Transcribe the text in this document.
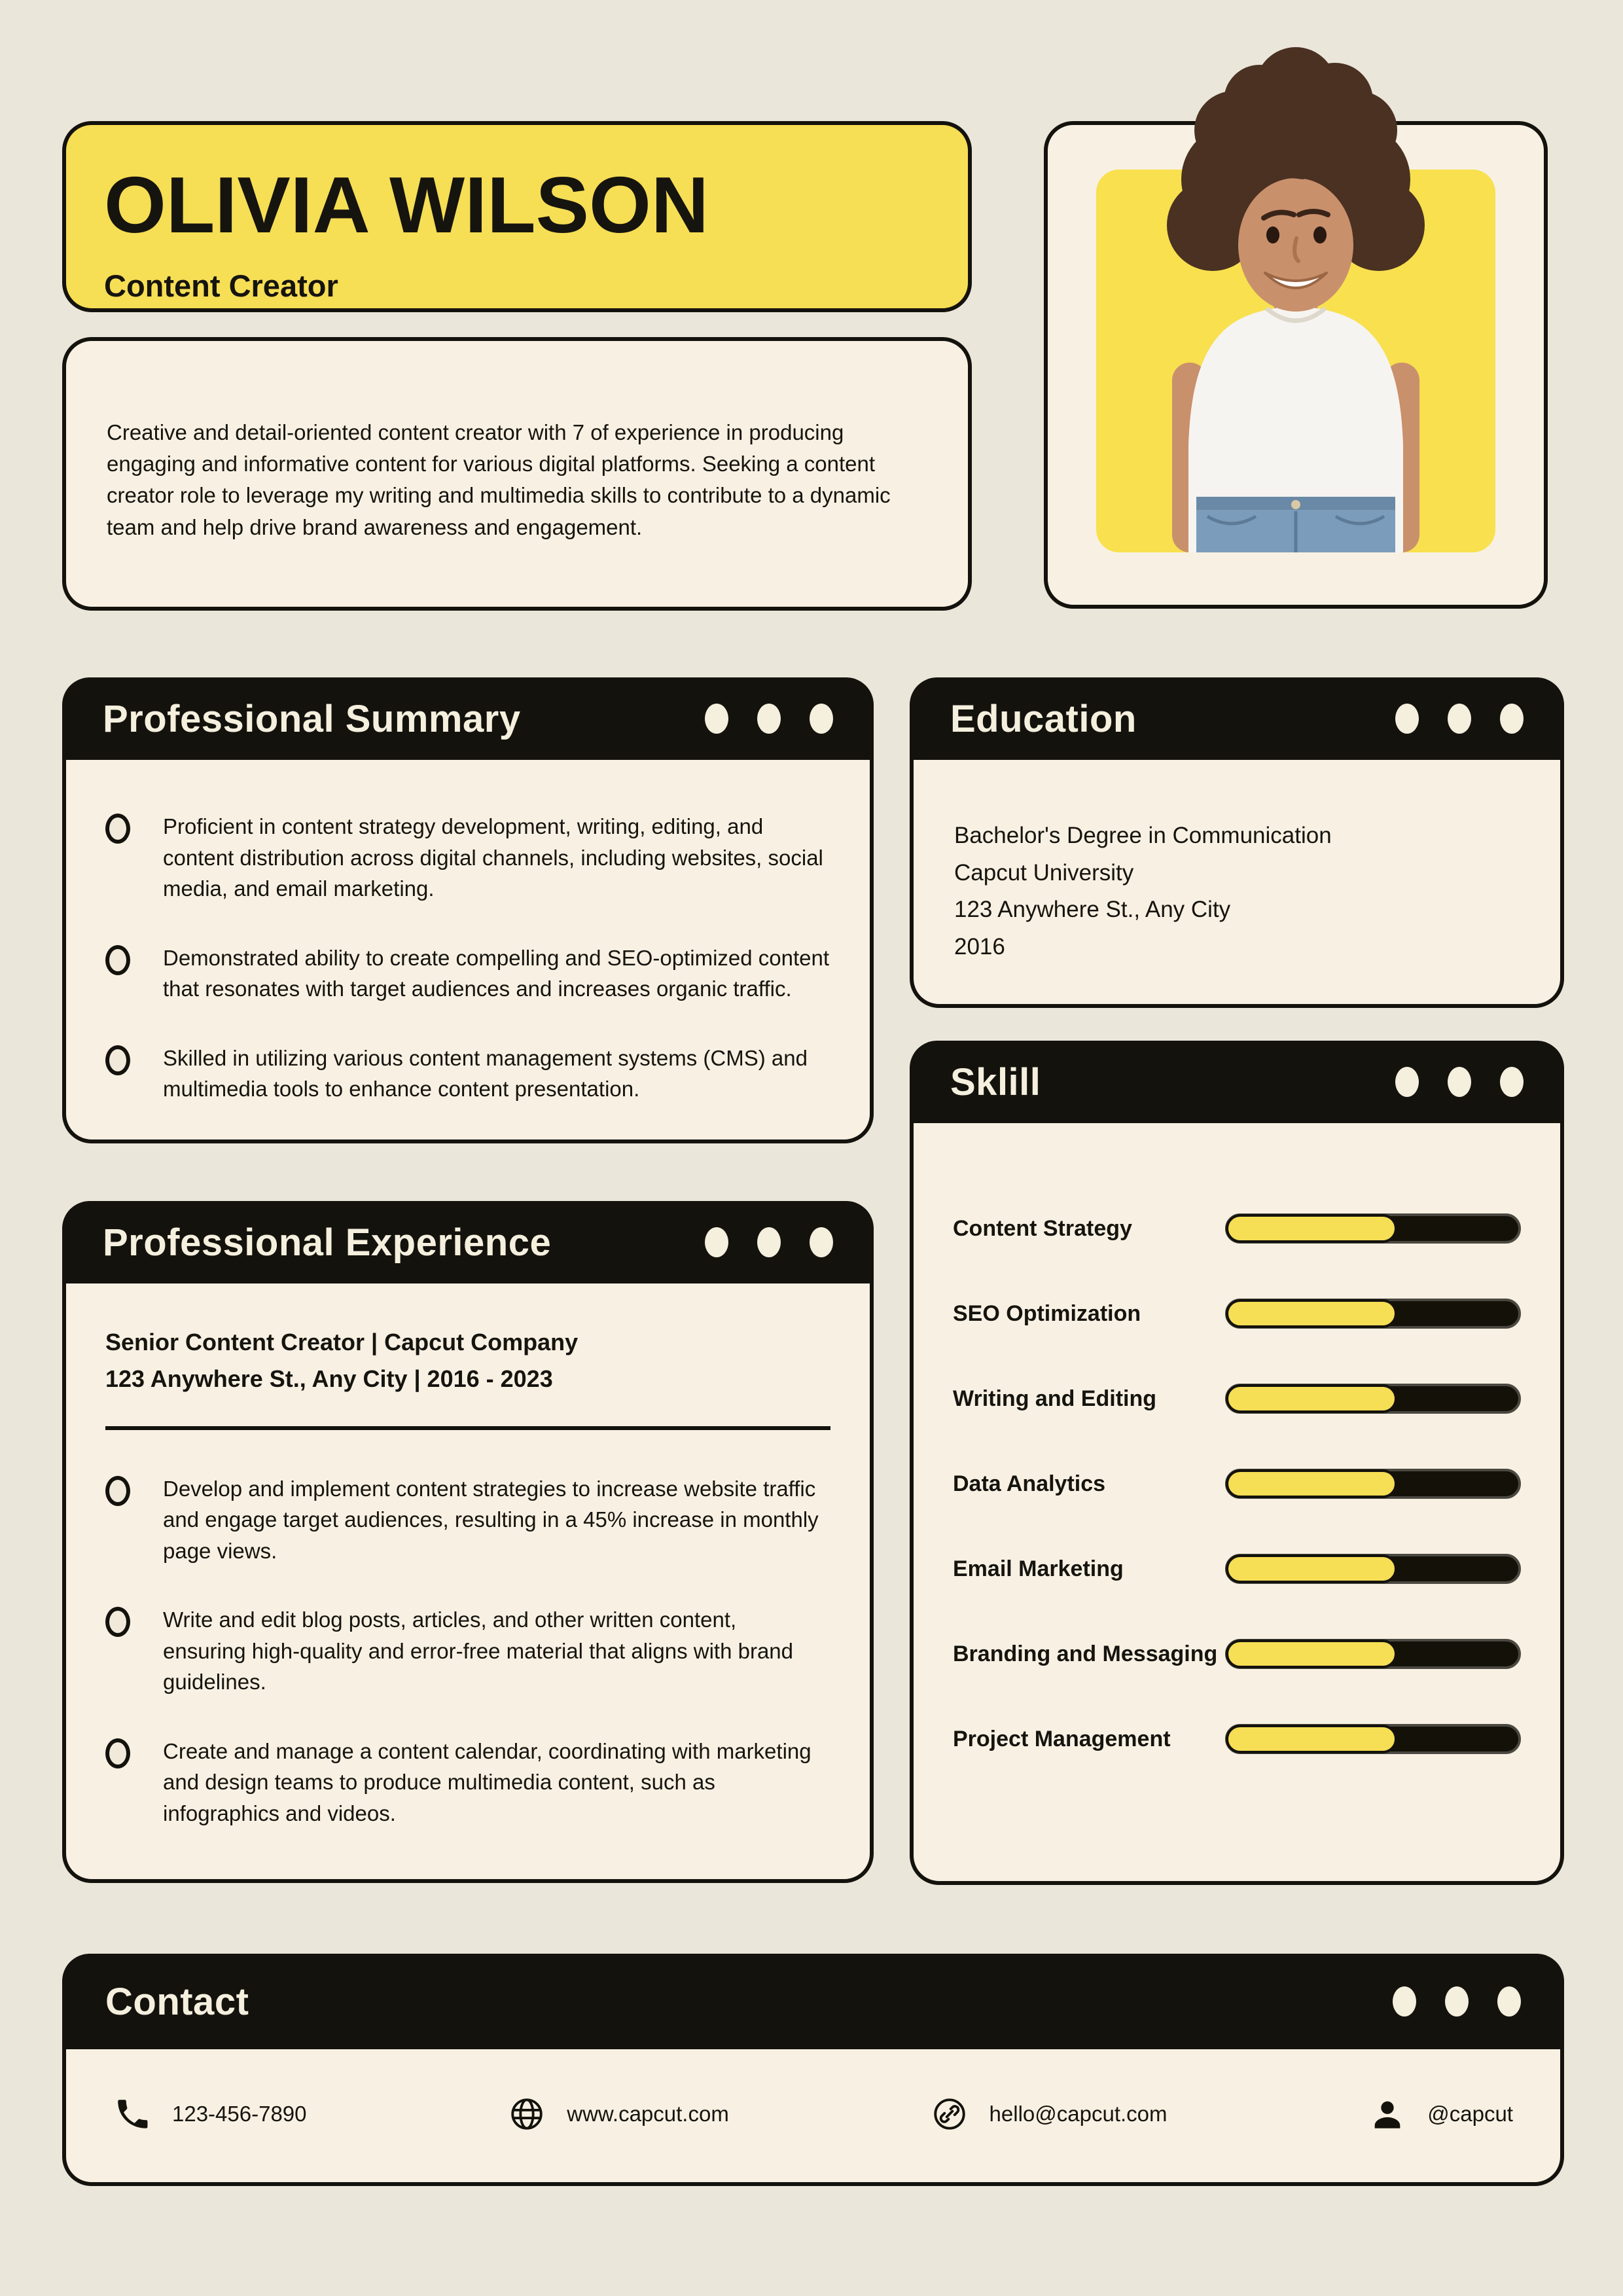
OLIVIA WILSON
Content Creator

Creative and detail-oriented content creator with 7 of experience in producing engaging and informative content for various digital platforms. Seeking a content creator role to leverage my writing and multimedia skills to contribute to a dynamic team and help drive brand awareness and engagement.

Professional Summary

Proficient in content strategy development, writing, editing, and content distribution across digital channels, including websites, social media, and email marketing.

Demonstrated ability to create compelling and SEO-optimized content that resonates with target audiences and increases organic traffic.

Skilled in utilizing various content management systems (CMS) and multimedia tools to enhance content presentation.

Education
Bachelor's Degree in Communication
Capcut University
123 Anywhere St., Any City
2016
Sklill
Content Strategy
SEO Optimization
Writing and Editing
Data Analytics
Email Marketing
Branding and Messaging
Project Management
Professional Experience
Senior Content Creator | Capcut Company
123 Anywhere St., Any City | 2016 - 2023

Develop and implement content strategies to increase website traffic and engage target audiences, resulting in a 45% increase in monthly page views.

Write and edit blog posts, articles, and other written content, ensuring high-quality and error-free material that aligns with brand guidelines.

Create and manage a content calendar, coordinating with marketing and design teams to produce multimedia content, such as infographics and videos.

Contact
123-456-7890	www.capcut.com	hello@capcut.com	@capcut
